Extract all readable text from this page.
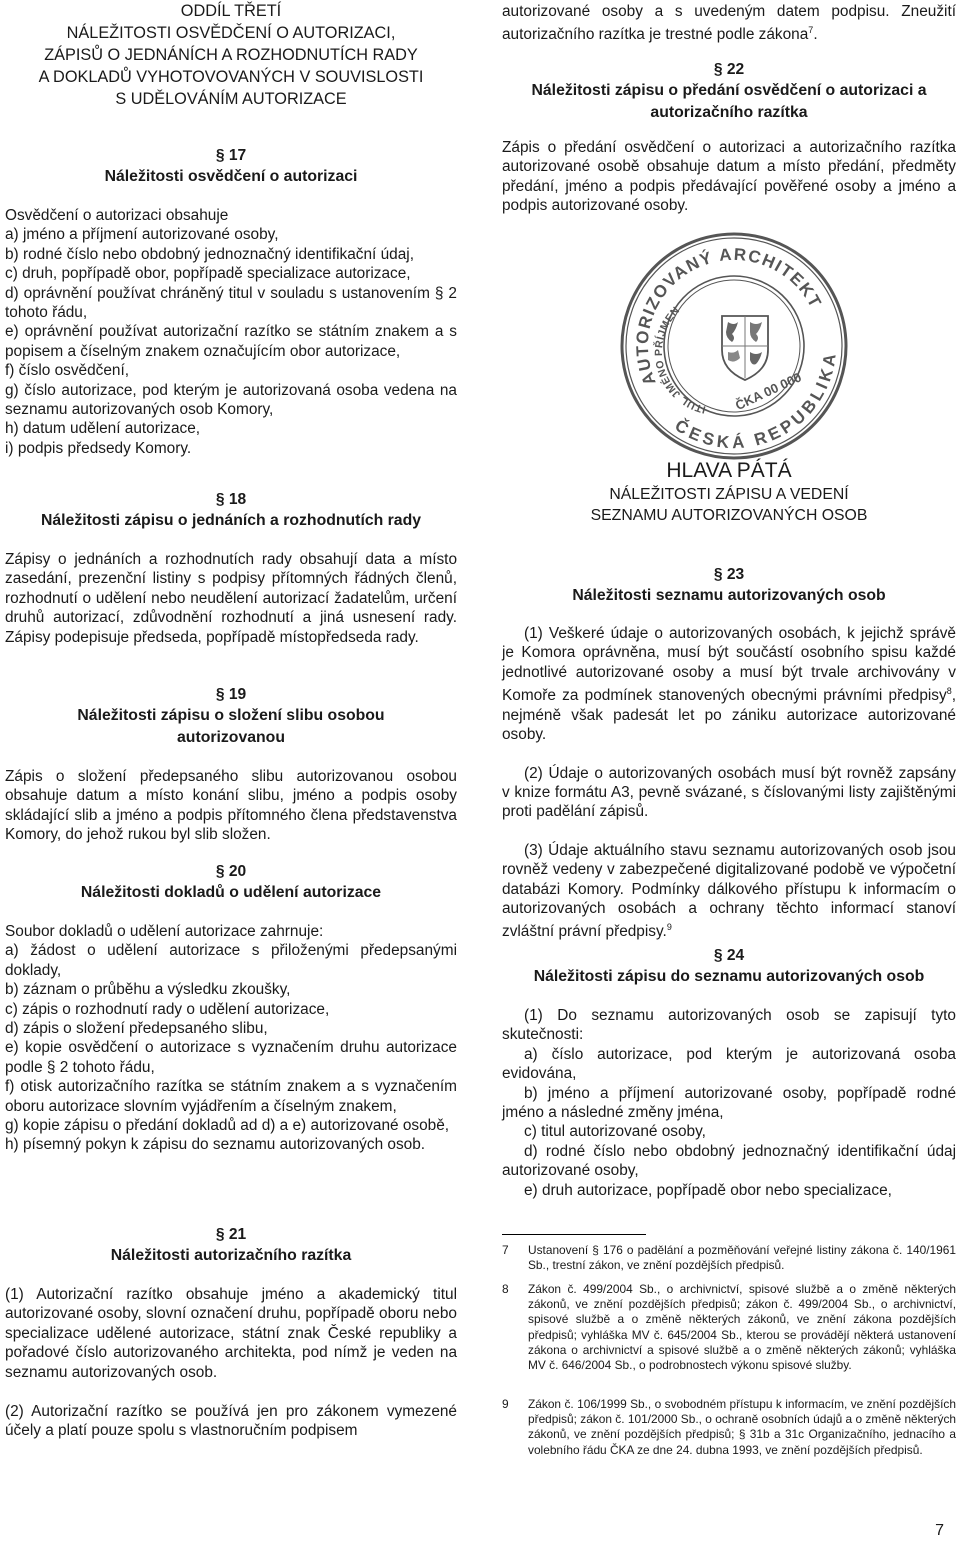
ODDÍL TŘETÍ
NÁLEŽITOSTI OSVĚDČENÍ O AUTORIZACI,
ZÁPISŮ O JEDNÁNÍCH A ROZHODNUTÍCH RADY
A DOKLADŮ VYHOTOVOVANÝCH V SOUVISLOSTI
S UDĚLOVÁNÍM AUTORIZACE
§ 17
Náležitosti osvědčení o autorizaci

Osvědčení o autorizaci obsahuje

a) jméno a příjmení autorizované osoby,

b) rodné číslo nebo obdobný jednoznačný identifikační údaj,

c) druh, popřípadě obor, popřípadě specializace autorizace,

d) oprávnění používat chráněný titul v souladu s ustanovením § 2 tohoto řádu,

e) oprávnění používat autorizační razítko se státním znakem a s popisem a číselným znakem označujícím obor autorizace,

f) číslo osvědčení,

g) číslo autorizace, pod kterým je autorizovaná osoba vedena na seznamu autorizovaných osob Komory,

h) datum udělení autorizace,

i) podpis předsedy Komory.

§ 18
Náležitosti zápisu o jednáních a rozhodnutích rady

Zápisy o jednáních a rozhodnutích rady obsahují data a místo zasedání, prezenční listiny s podpisy přítomných řádných členů, rozhodnutí o udělení nebo neudělení autorizací žadatelům, určení druhů autorizací, zdůvodnění rozhodnutí a jiná usnesení rady. Zápisy podepisuje předseda, popřípadě místopředseda rady.

§ 19
Náležitosti zápisu o složení slibu osobou autorizovanou

Zápis o složení předepsaného slibu autorizovanou osobou obsahuje datum a místo konání slibu, jméno a podpis osoby skládající slib a jméno a podpis přítomného člena představenstva Komory, do jehož rukou byl slib složen.

§ 20
Náležitosti dokladů o udělení autorizace

Soubor dokladů o udělení autorizace zahrnuje:

a) žádost o udělení autorizace s přiloženými předepsanými doklady,

b) záznam o průběhu a výsledku zkoušky,

c) zápis o rozhodnutí rady o udělení autorizace,

d) zápis o složení předepsaného slibu,

e) kopie osvědčení o autorizace s vyznačením druhu autorizace podle § 2 tohoto řádu,

f) otisk autorizačního razítka se státním znakem a s vyznačením oboru autorizace slovním vyjádřením a číselným znakem,

g) kopie zápisu o předání dokladů ad d) a e) autorizované osobě,

h) písemný pokyn k zápisu do seznamu autorizovaných osob.

§ 21
Náležitosti autorizačního razítka

(1) Autorizační razítko obsahuje jméno a akademický titul autorizované osoby, slovní označení druhu, popřípadě oboru nebo specializace udělené autorizace, státní znak České republiky a pořadové číslo autorizovaného architekta, pod nímž je veden na seznamu autorizovaných osob.

(2) Autorizační razítko se používá jen pro zákonem vymezené účely a platí pouze spolu s vlastnoručním podpisem

autorizované osoby a s uvedeným datem podpisu. Zneužití autorizačního razítka je trestné podle zákona$^7$.

§ 22
Náležitosti zápisu o předání osvědčení o autorizaci a autorizačního razítka

Zápis o předání osvědčení o autorizaci a autorizačního razítka autorizované osobě obsahuje datum a místo předání, předměty předání, jméno a podpis předávající pověřené osoby a jméno a podpis autorizované osoby.

AUTORIZOVANÝ ARCHITEKT
ČESKÁ REPUBLIKA
TITUL JMÉNO PŘÍJMENÍ
ČKA 00 000
HLAVA PÁTÁ
NÁLEŽITOSTI ZÁPISU A VEDENÍ
SEZNAMU AUTORIZOVANÝCH OSOB
§ 23
Náležitosti seznamu autorizovaných osob

(1) Veškeré údaje o autorizovaných osobách, k jejichž správě je Komora oprávněna, musí být součástí osobního spisu každé jednotlivé autorizované osoby a musí být trvale archivovány v Komoře za podmínek stanovených obecnými právními předpisy$^8$, nejméně však padesát let po zániku autorizace autorizované osoby.

(2) Údaje o autorizovaných osobách musí být rovněž zapsány v knize formátu A3, pevně svázané, s číslovanými listy zajištěnými proti padělání zápisů.

(3) Údaje aktuálního stavu seznamu autorizovaných osob jsou rovněž vedeny v zabezpečené digitalizované podobě ve výpočetní databázi Komory. Podmínky dálkového přístupu k informacím o autorizovaných osobách a ochrany těchto informací stanoví zvláštní právní předpisy.$^9$

§ 24
Náležitosti zápisu do seznamu autorizovaných osob

(1) Do seznamu autorizovaných osob se zapisují tyto skutečnosti:

a) číslo autorizace, pod kterým je autorizovaná osoba evidována,

b) jméno a příjmení autorizované osoby, popřípadě rodné jméno a následné změny jména,

c) titul autorizované osoby,

d) rodné číslo nebo obdobný jednoznačný identifikační údaj autorizované osoby,

e) druh autorizace, popřípadě obor nebo specializace,

7 Ustanovení § 176 o padělání a pozměňování veřejné listiny zákona č. 140/1961 Sb., trestní zákon, ve znění pozdějších předpisů.

8 Zákon č. 499/2004 Sb., o archivnictví, spisové službě a o změně některých zákonů, ve znění pozdějších předpisů; zákon č. 499/2004 Sb., o archivnictví, spisové službě a o změně některých zákonů, ve znění zákona pozdějších předpisů; vyhláška MV č. 645/2004 Sb., kterou se provádějí některá ustanovení zákona o archivnictví a spisové službě a o změně některých zákonů; vyhláška MV č. 646/2004 Sb., o podrobnostech výkonu spisové služby.

9 Zákon č. 106/1999 Sb., o svobodném přístupu k informacím, ve znění pozdějších předpisů; zákon č. 101/2000 Sb., o ochraně osobních údajů a o změně některých zákonů, ve znění pozdějších předpisů; § 31b a 31c Organizačního, jednacího a volebního řádu ČKA ze dne 24. dubna 1993, ve znění pozdějších předpisů.

7
